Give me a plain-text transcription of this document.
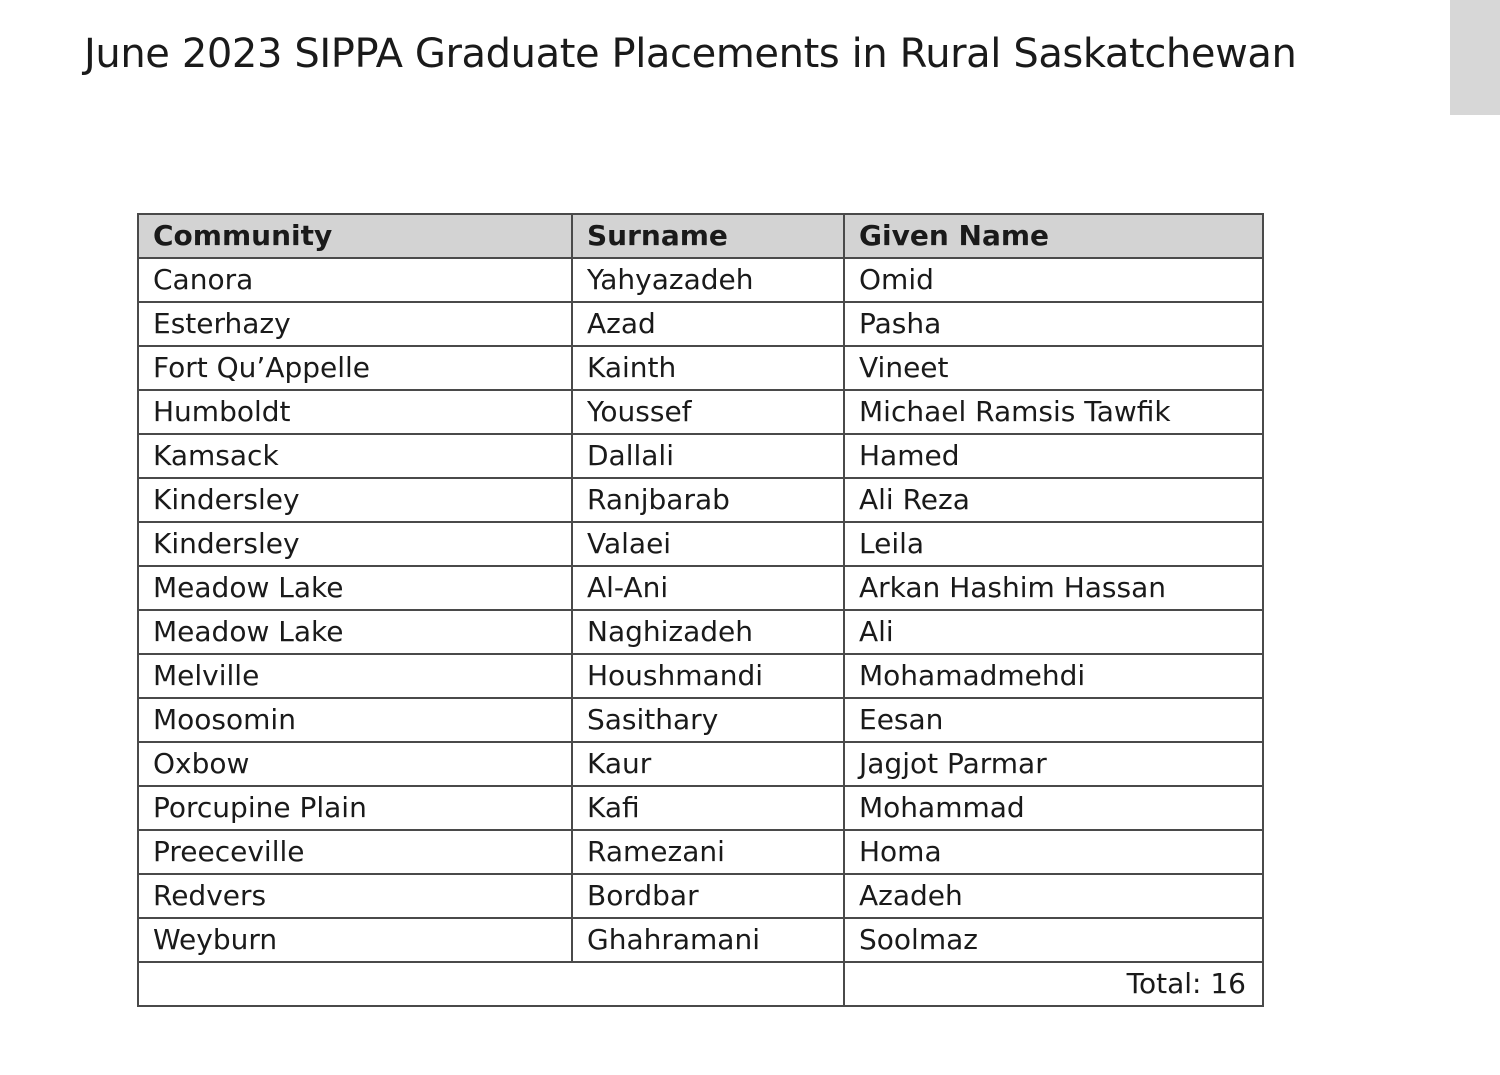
June 2023 SIPPA Graduate Placements in Rural Saskatchewan
Community	Surname	Given Name
Canora	Yahyazadeh	Omid
Esterhazy	Azad	Pasha
Fort Qu’Appelle	Kainth	Vineet
Humboldt	Youssef	Michael Ramsis Tawfik
Kamsack	Dallali	Hamed
Kindersley	Ranjbarab	Ali Reza
Kindersley	Valaei	Leila
Meadow Lake	Al-Ani	Arkan Hashim Hassan
Meadow Lake	Naghizadeh	Ali
Melville	Houshmandi	Mohamadmehdi
Moosomin	Sasithary	Eesan
Oxbow	Kaur	Jagjot Parmar
Porcupine Plain	Kafi	Mohammad
Preeceville	Ramezani	Homa
Redvers	Bordbar	Azadeh
Weyburn	Ghahramani	Soolmaz
		Total: 16
